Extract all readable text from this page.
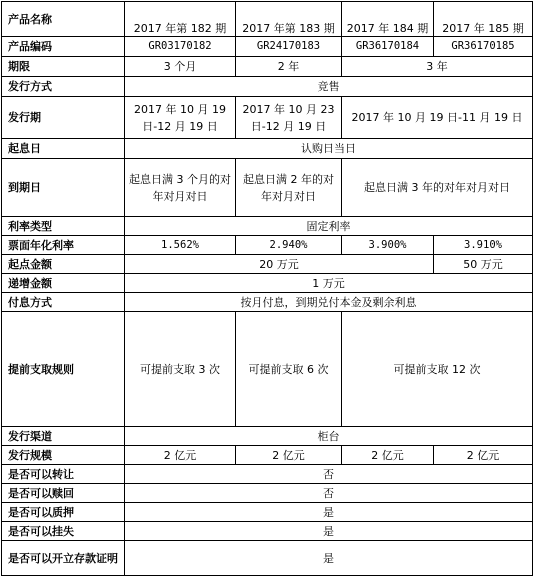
产品名称	2017 年第 182 期	2017 年第 183 期	2017 年 184 期	2017 年 185 期
产品编码	GR03170182	GR24170183	GR36170184	GR36170185
期限	3 个月	2 年	3 年	
发行方式	竞售			
发行期	2017 年 10 月 19 日-12 月 19 日	2017 年 10 月 23 日-12 月 19 日	2017 年 10 月 19 日-11 月 19 日	
起息日	认购日当日			
到期日	起息日满 3 个月的对年对月对日	起息日满 2 年的对年对月对日	起息日满 3 年的对年对月对日	
利率类型	固定利率			
票面年化利率	1.562%	2.940%	3.900%	3.910%
起点金额	20 万元			50 万元
递增金额	1 万元			
付息方式	按月付息，到期兑付本金及剩余利息			
提前支取规则	可提前支取 3 次	可提前支取 6 次	可提前支取 12 次	
发行渠道	柜台			
发行规模	2 亿元	2 亿元	2 亿元	2 亿元
是否可以转让	否			
是否可以赎回	否			
是否可以质押	是			
是否可以挂失	是			
是否可以开立存款证明	是			
